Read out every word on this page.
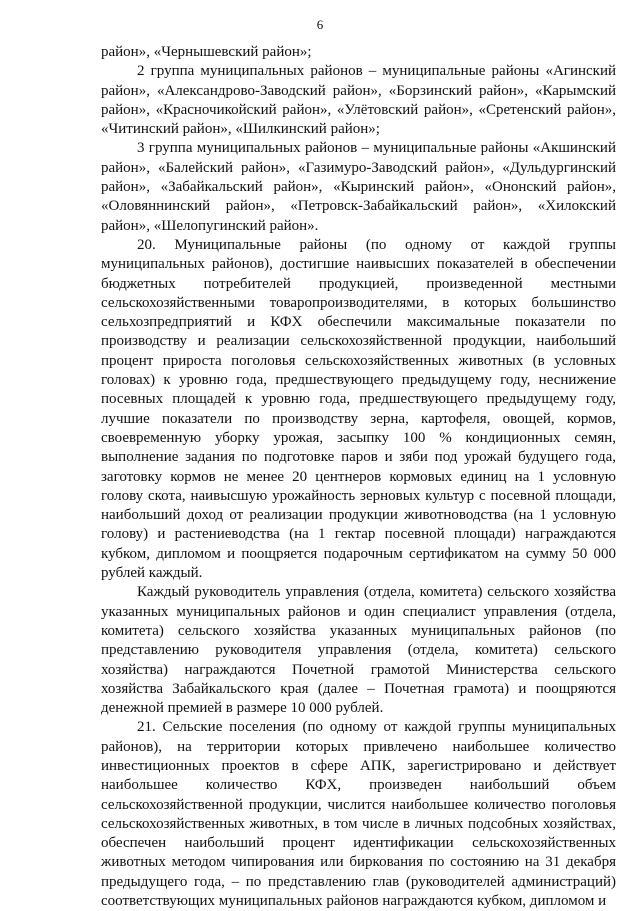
6

район», «Чернышевский район»;

2 группа муниципальных районов – муниципальные районы «Агинский район», «Александрово-Заводский район», «Борзинский район», «Карымский район», «Красночикойский район», «Улётовский район», «Сретенский район», «Читинский район», «Шилкинский район»;

3 группа муниципальных районов – муниципальные районы «Акшинский район», «Балейский район», «Газимуро-Заводский район», «Дульдургинский район», «Забайкальский район», «Кыринский район», «Ононский район», «Оловяннинский район», «Петровск-Забайкальский район», «Хилокский район», «Шелопугинский район».

20. Муниципальные районы (по одному от каждой группы муниципальных районов), достигшие наивысших показателей в обеспечении бюджетных потребителей продукцией, произведенной местными сельскохозяйственными товаропроизводителями, в которых большинство сельхозпредприятий и КФХ обеспечили максимальные показатели по производству и реализации сельскохозяйственной продукции, наибольший процент прироста поголовья сельскохозяйственных животных (в условных головах) к уровню года, предшествующего предыдущему году, неснижение посевных площадей к уровню года, предшествующего предыдущему году, лучшие показатели по производству зерна, картофеля, овощей, кормов, своевременную уборку урожая, засыпку 100 % кондиционных семян, выполнение задания по подготовке паров и зяби под урожай будущего года, заготовку кормов не менее 20 центнеров кормовых единиц на 1 условную голову скота, наивысшую урожайность зерновых культур с посевной площади, наибольший доход от реализации продукции животноводства (на 1 условную голову) и растениеводства (на 1 гектар посевной площади) награждаются кубком, дипломом и поощряется подарочным сертификатом на сумму 50 000 рублей каждый.

Каждый руководитель управления (отдела, комитета) сельского хозяйства указанных муниципальных районов и один специалист управления (отдела, комитета) сельского хозяйства указанных муниципальных районов (по представлению руководителя управления (отдела, комитета) сельского хозяйства) награждаются Почетной грамотой Министерства сельского хозяйства Забайкальского края (далее – Почетная грамота) и поощряются денежной премией в размере 10 000 рублей.

21. Сельские поселения (по одному от каждой группы муниципальных районов), на территории которых привлечено наибольшее количество инвестиционных проектов в сфере АПК, зарегистрировано и действует наибольшее количество КФХ, произведен наибольший объем сельскохозяйственной продукции, числится наибольшее количество поголовья сельскохозяйственных животных, в том числе в личных подсобных хозяйствах, обеспечен наибольший процент идентификации сельскохозяйственных животных методом чипирования или биркования по состоянию на 31 декабря предыдущего года, – по представлению глав (руководителей администраций) соответствующих муниципальных районов награждаются кубком, дипломом и
